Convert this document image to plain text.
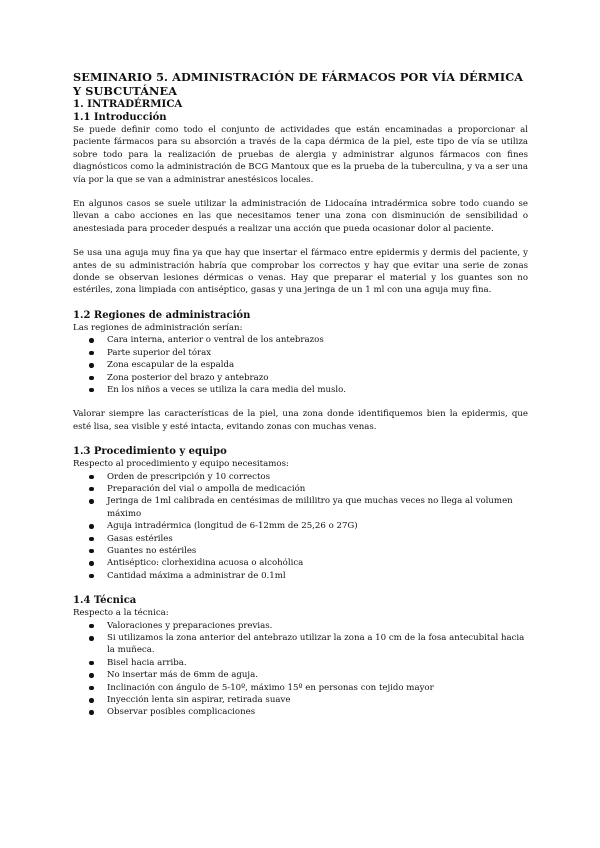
SEMINARIO 5. ADMINISTRACIÓN DE FÁRMACOS POR VÍA DÉRMICA Y SUBCUTÁNEA
1. INTRADÉRMICA
1.1 Introducción

Se puede definir como todo el conjunto de actividades que están encaminadas a proporcionar al paciente fármacos para su absorción a través de la capa dérmica de la piel, este tipo de vía se utiliza sobre todo para la realización de pruebas de alergia y administrar algunos fármacos con fines diagnósticos como la administración de BCG Mantoux que es la prueba de la tuberculina, y va a ser una vía por la que se van a administrar anestésicos locales.

En algunos casos se suele utilizar la administración de Lidocaína intradérmica sobre todo cuando se llevan a cabo acciones en las que necesitamos tener una zona con disminución de sensibilidad o anestesiada para proceder después a realizar una acción que pueda ocasionar dolor al paciente.

Se usa una aguja muy fina ya que hay que insertar el fármaco entre epidermis y dermis del paciente, y antes de su administración habría que comprobar los correctos y hay que evitar una serie de zonas donde se observan lesiones dérmicas o venas. Hay que preparar el material y los guantes son no estériles, zona limpiada con antiséptico, gasas y una jeringa de un 1 ml con una aguja muy fina.

1.2 Regiones de administración

Las regiones de administración serían:

Cara interna, anterior o ventral de los antebrazos
Parte superior del tórax
Zona escapular de la espalda
Zona posterior del brazo y antebrazo
En los niños a veces se utiliza la cara media del muslo.

Valorar siempre las características de la piel, una zona donde identifiquemos bien la epidermis, que esté lisa, sea visible y esté intacta, evitando zonas con muchas venas.

1.3 Procedimiento y equipo

Respecto al procedimiento y equipo necesitamos:

Orden de prescripción y 10 correctos
Preparación del vial o ampolla de medicación
Jeringa de 1ml calibrada en centésimas de mililitro ya que muchas veces no llega al volumen máximo
Aguja intradérmica (longitud de 6-12mm de 25,26 o 27G)
Gasas estériles
Guantes no estériles
Antiséptico: clorhexidina acuosa o alcohólica
Cantidad máxima a administrar de 0.1ml
1.4 Técnica

Respecto a la técnica:

Valoraciones y preparaciones previas.
Si utilizamos la zona anterior del antebrazo utilizar la zona a 10 cm de la fosa antecubital hacia la muñeca.
Bisel hacia arriba.
No insertar más de 6mm de aguja.
Inclinación con ángulo de 5-10º, máximo 15º en personas con tejido mayor
Inyección lenta sin aspirar, retirada suave
Observar posibles complicaciones
